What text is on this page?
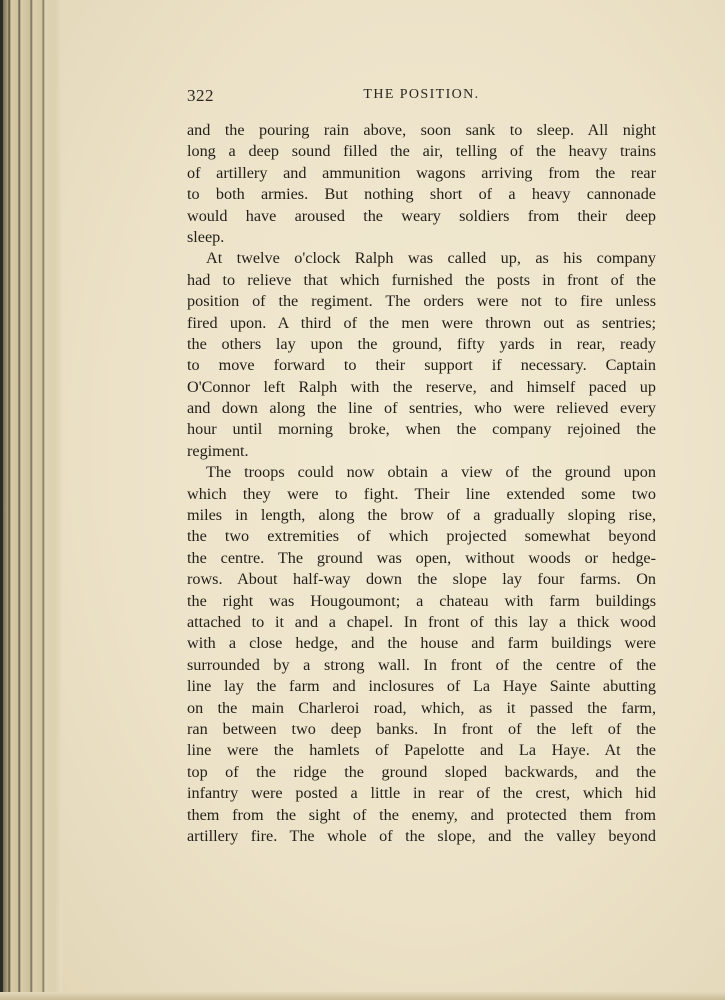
322	THE POSITION.
and the pouring rain above, soon sank to sleep. All night
long a deep sound filled the air, telling of the heavy trains
of artillery and ammunition wagons arriving from the rear
to both armies. But nothing short of a heavy cannonade
would have aroused the weary soldiers from their deep
sleep.
At twelve o'clock Ralph was called up, as his company
had to relieve that which furnished the posts in front of the
position of the regiment. The orders were not to fire unless
fired upon. A third of the men were thrown out as sentries;
the others lay upon the ground, fifty yards in rear, ready
to move forward to their support if necessary. Captain
O'Connor left Ralph with the reserve, and himself paced up
and down along the line of sentries, who were relieved every
hour until morning broke, when the company rejoined the
regiment.
The troops could now obtain a view of the ground upon
which they were to fight. Their line extended some two
miles in length, along the brow of a gradually sloping rise,
the two extremities of which projected somewhat beyond
the centre. The ground was open, without woods or hedge-
rows. About half-way down the slope lay four farms. On
the right was Hougoumont; a chateau with farm buildings
attached to it and a chapel. In front of this lay a thick wood
with a close hedge, and the house and farm buildings were
surrounded by a strong wall. In front of the centre of the
line lay the farm and inclosures of La Haye Sainte abutting
on the main Charleroi road, which, as it passed the farm,
ran between two deep banks. In front of the left of the
line were the hamlets of Papelotte and La Haye. At the
top of the ridge the ground sloped backwards, and the
infantry were posted a little in rear of the crest, which hid
them from the sight of the enemy, and protected them from
artillery fire. The whole of the slope, and the valley beyond
